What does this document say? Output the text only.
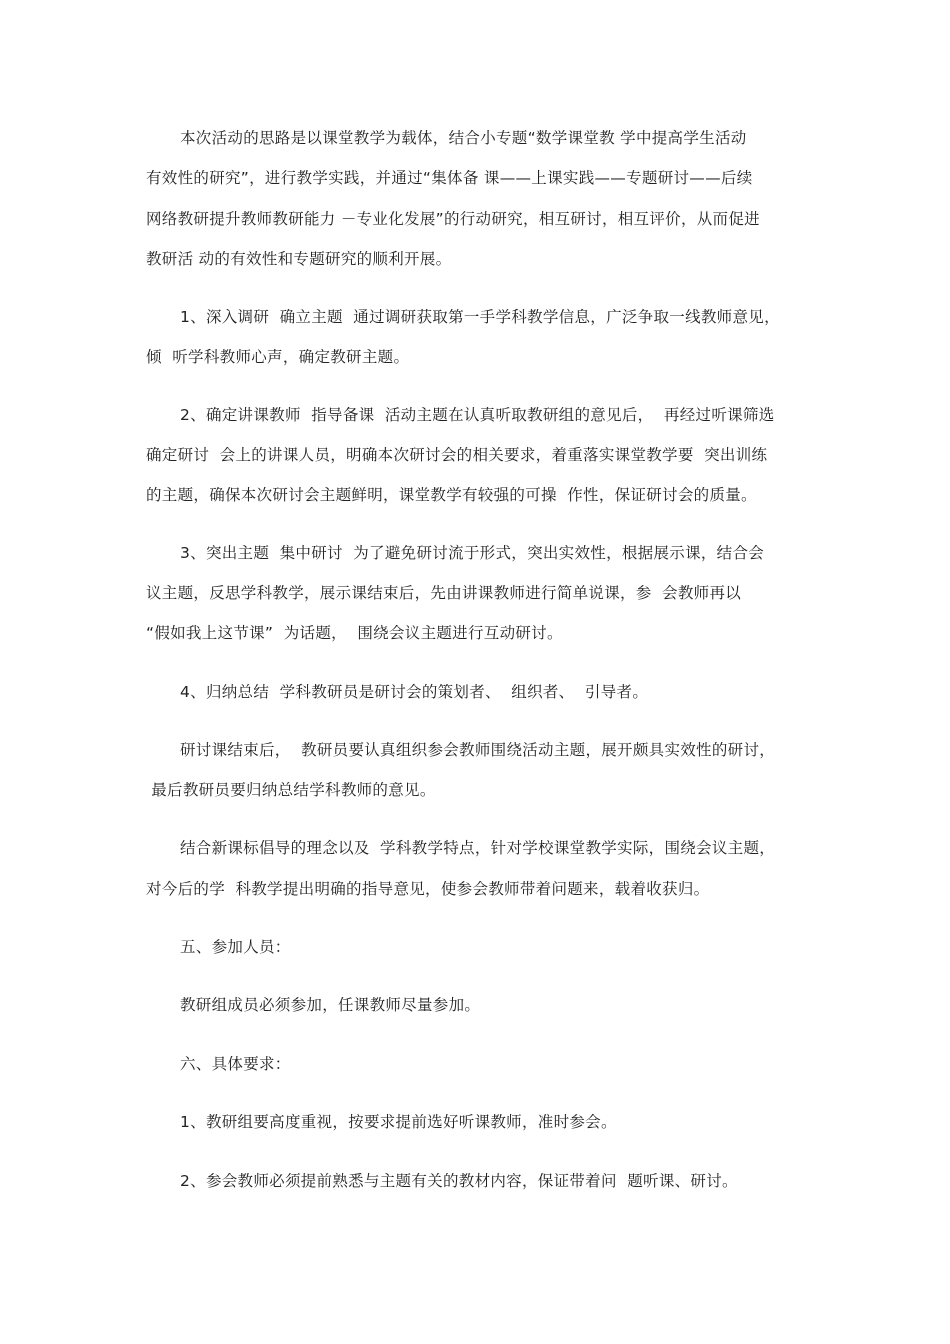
本次活动的思路是以课堂教学为载体，结合小专题“数学课堂教 学中提高学生活动
有效性的研究”，进行教学实践，并通过“集体备 课——上课实践——专题研讨——后续
网络教研提升教师教研能力 －专业化发展”的行动研究，相互研讨，相互评价，从而促进
教研活 动的有效性和专题研究的顺利开展。
1、深入调研  确立主题  通过调研获取第一手学科教学信息，广泛争取一线教师意见，
倾  听学科教师心声，确定教研主题。
2、确定讲课教师  指导备课  活动主题在认真听取教研组的意见后，  再经过听课筛选
确定研讨  会上的讲课人员，明确本次研讨会的相关要求，着重落实课堂教学要  突出训练
的主题，确保本次研讨会主题鲜明，课堂教学有较强的可操  作性，保证研讨会的质量。
3、突出主题  集中研讨  为了避免研讨流于形式，突出实效性，根据展示课，结合会
议主题，反思学科教学，展示课结束后，先由讲课教师进行简单说课，参  会教师再以
“假如我上这节课”  为话题，  围绕会议主题进行互动研讨。
4、归纳总结  学科教研员是研讨会的策划者、  组织者、  引导者。
研讨课结束后，  教研员要认真组织参会教师围绕活动主题，展开颇具实效性的研讨，
最后教研员要归纳总结学科教师的意见。
结合新课标倡导的理念以及  学科教学特点，针对学校课堂教学实际，围绕会议主题，
对今后的学  科教学提出明确的指导意见，使参会教师带着问题来，载着收获归。
五、参加人员：
教研组成员必须参加，任课教师尽量参加。
六、具体要求：
1、教研组要高度重视，按要求提前选好听课教师，准时参会。
2、参会教师必须提前熟悉与主题有关的教材内容，保证带着问  题听课、研讨。
